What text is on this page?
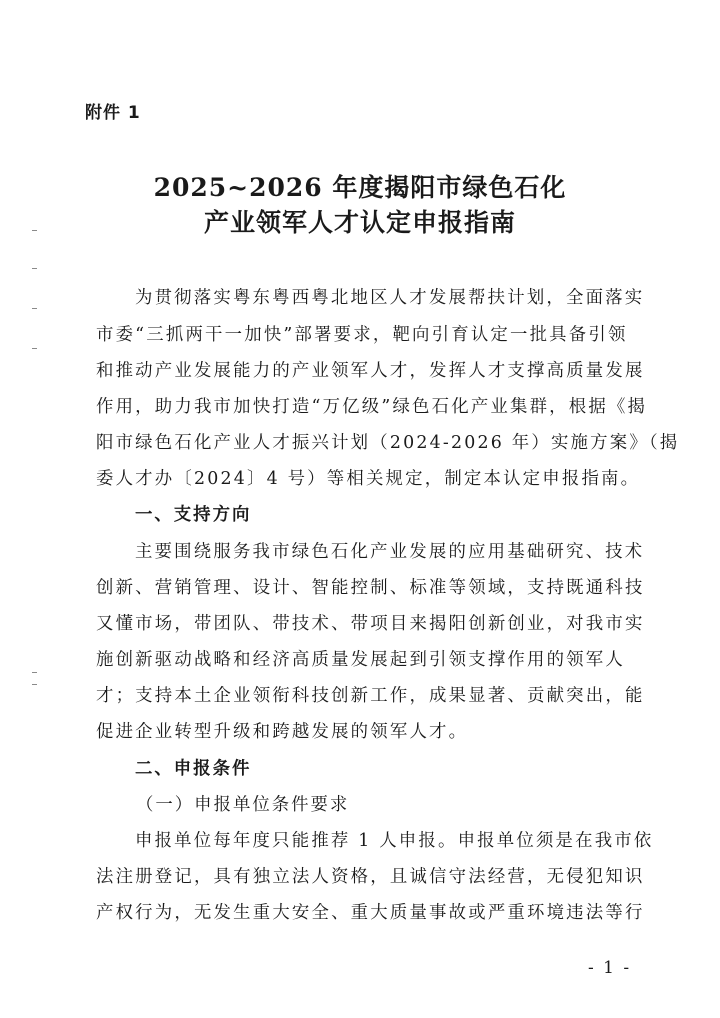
附件 1
2025~2026 年度揭阳市绿色石化
产业领军人才认定申报指南
为贯彻落实粤东粤西粤北地区人才发展帮扶计划，全面落实
市委“三抓两干一加快”部署要求，靶向引育认定一批具备引领
和推动产业发展能力的产业领军人才，发挥人才支撑高质量发展
作用，助力我市加快打造“万亿级”绿色石化产业集群，根据《揭
阳市绿色石化产业人才振兴计划（2024-2026 年）实施方案》（揭
委人才办〔2024〕4 号）等相关规定，制定本认定申报指南。
一、支持方向
主要围绕服务我市绿色石化产业发展的应用基础研究、技术
创新、营销管理、设计、智能控制、标准等领域，支持既通科技
又懂市场，带团队、带技术、带项目来揭阳创新创业，对我市实
施创新驱动战略和经济高质量发展起到引领支撑作用的领军人
才；支持本土企业领衔科技创新工作，成果显著、贡献突出，能
促进企业转型升级和跨越发展的领军人才。
二、申报条件
（一）申报单位条件要求
申报单位每年度只能推荐 1 人申报。申报单位须是在我市依
法注册登记，具有独立法人资格，且诚信守法经营，无侵犯知识
产权行为，无发生重大安全、重大质量事故或严重环境违法等行
- 1 -
